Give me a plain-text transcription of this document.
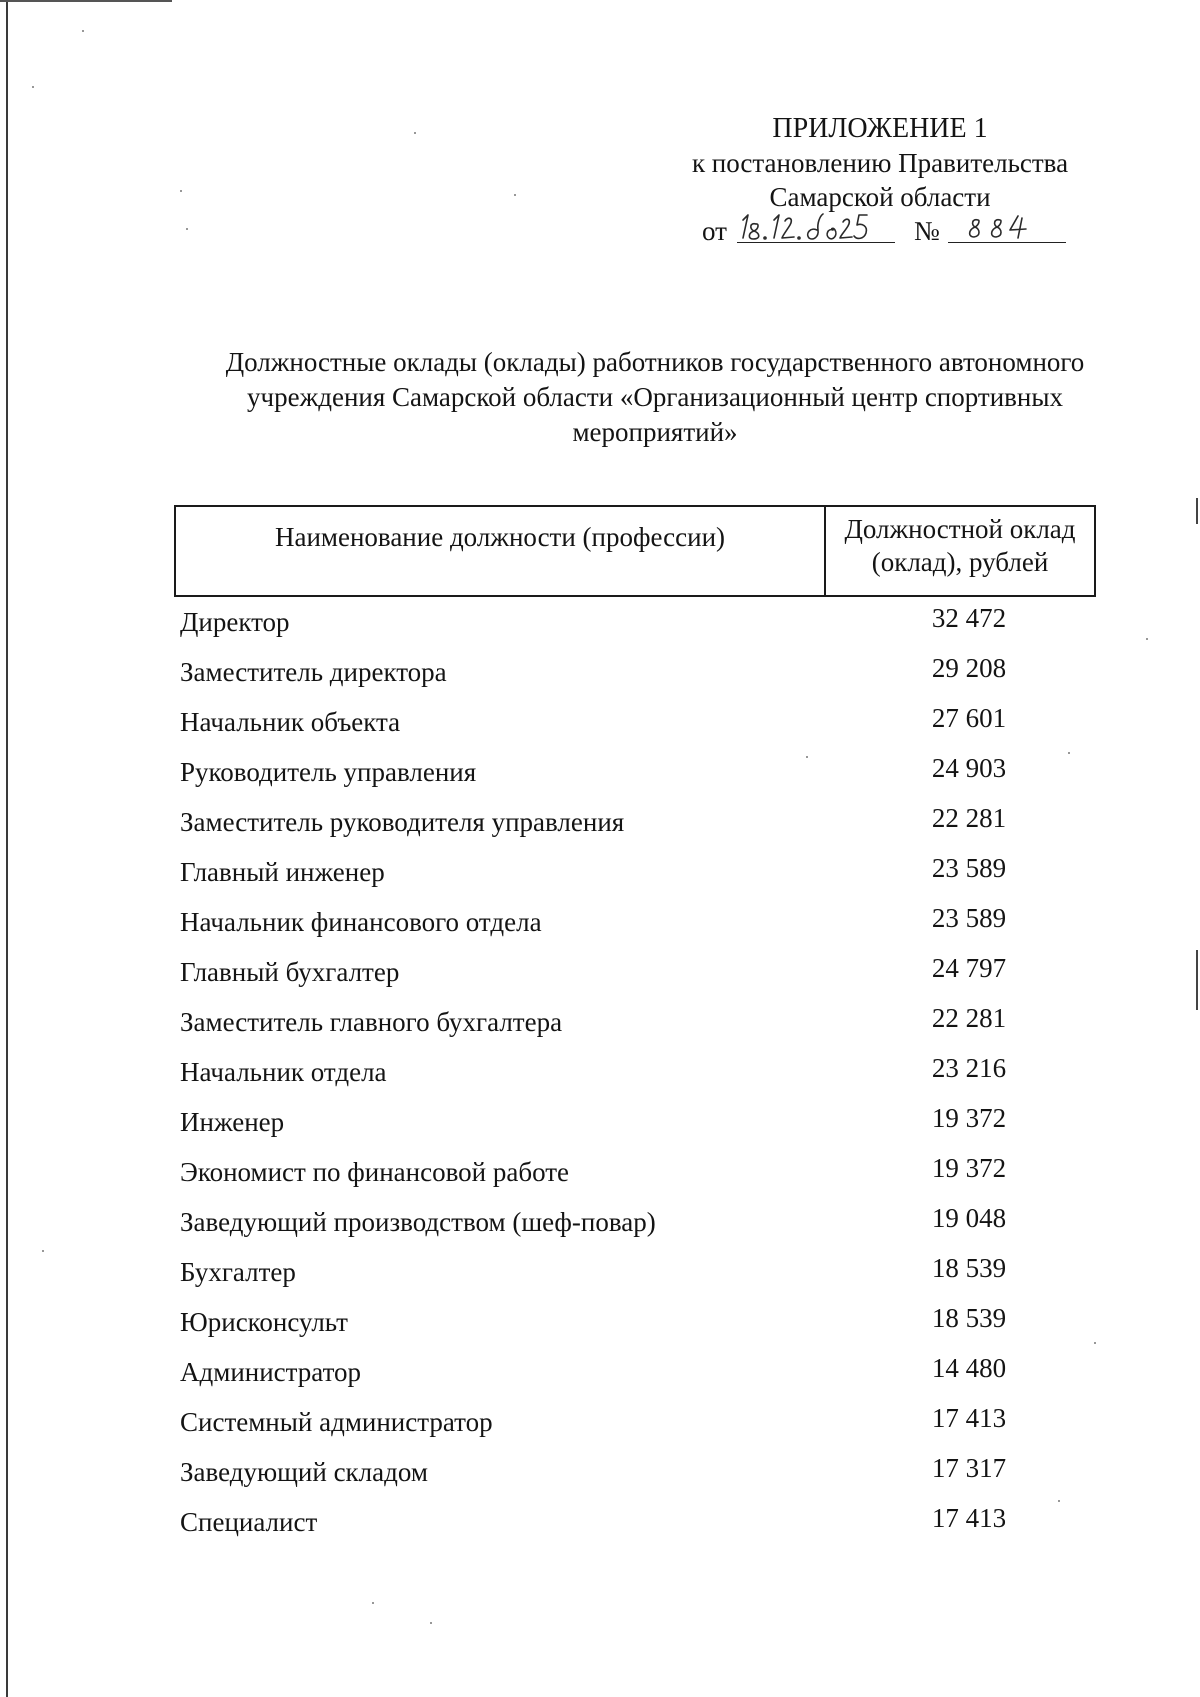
ПРИЛОЖЕНИЕ 1
к постановлению Правительства
Самарской области
от	№
Должностные оклады (оклады) работников государственного автономного
учреждения Самарской области «Организационный центр спортивных
мероприятий»
Наименование должности (профессии)	Должностной оклад
(оклад), рублей
Директор	32 472
Заместитель директора	29 208
Начальник объекта	27 601
Руководитель управления	24 903
Заместитель руководителя управления	22 281
Главный инженер	23 589
Начальник финансового отдела	23 589
Главный бухгалтер	24 797
Заместитель главного бухгалтера	22 281
Начальник отдела	23 216
Инженер	19 372
Экономист по финансовой работе	19 372
Заведующий производством (шеф-повар)	19 048
Бухгалтер	18 539
Юрисконсульт	18 539
Администратор	14 480
Системный администратор	17 413
Заведующий складом	17 317
Специалист	17 413
